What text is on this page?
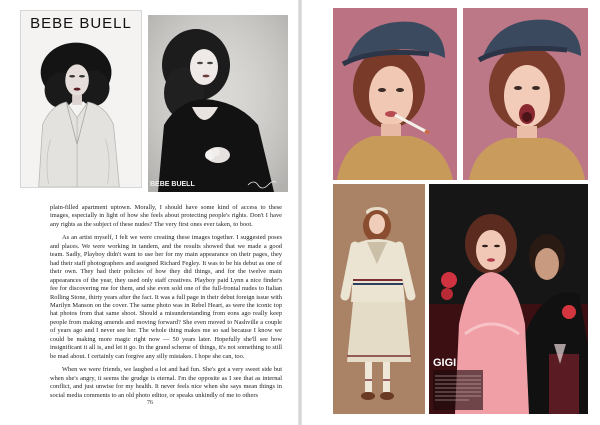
BEBE BUELL
BEBE BUELL

plain-filled apartment uptown. Morally, I should have some kind of access to these images, especially in light of how she feels about protecting people's rights. Don't I have any rights as the subject of these nudes? The very first ones ever taken, to boot.

As an artist myself, I felt we were creating these images together. I suggested poses and places. We were working in tandem, and the results showed that we made a good team. Sadly, Playboy didn't want to use her for my main appearance on their pages, they had their staff photographers and assigned Richard Fegley. It was to be his debut as one of their own. They had their policies of how they did things, and for the twelve main appearances of the year, they used only staff creatives. Playboy paid Lynn a nice finder's fee for discovering me for them, and she even sold one of the full-frontal nudes to Italian Rolling Stone, thirty years after the fact. It was a full page in their debut foreign issue with Marilyn Manson on the cover. The same photo was in Rebel Heart, as were the iconic top hat photos from that same shoot. Should a misunderstanding from eons ago really keep people from making amends and moving forward? She even moved to Nashville a couple of years ago and I never see her. The whole thing makes me so sad because I know we could be making more magic right now — 50 years later. Hopefully she'll see how insignificant it all is, and let it go. In the grand scheme of things, it's not something to still be mad about. I certainly can forgive any silly mistakes. I hope she can, too.

When we were friends, we laughed a lot and had fun. She's got a very sweet side but when she's angry, it seems the grudge is eternal. I'm the opposite as I see that as internal conflict, and just unwise for my health. It never feels nice when she says mean things in social media comments to an old photo editor, or speaks unkindly of me to others

76
GIGI
